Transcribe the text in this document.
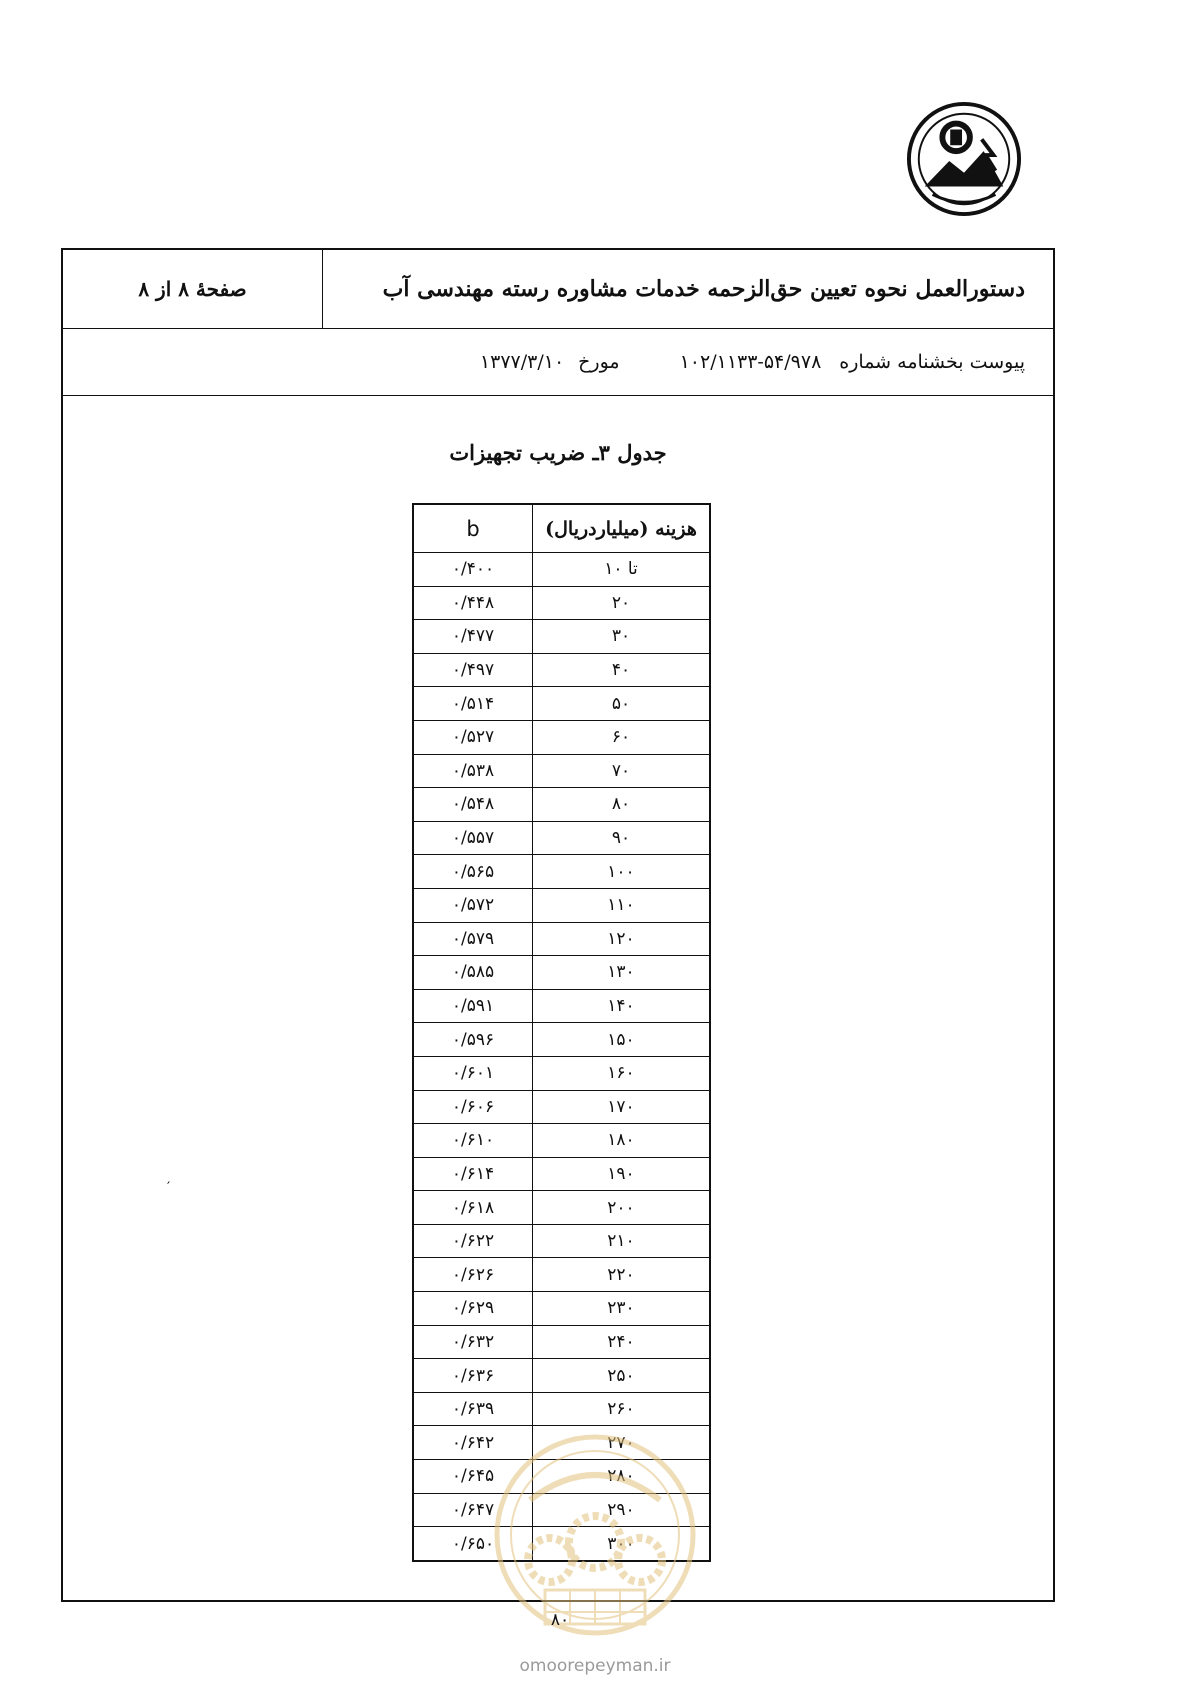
دستورالعمل نحوه تعیین حق‌الزحمه خدمات مشاوره رسته مهندسی آب
صفحهٔ ۸ از ۸
پیوست بخشنامه شماره
۱۰۲/۱۱۳۳-۵۴/۹۷۸
مورخ
۱۳۷۷/۳/۱۰
جدول ۳ـ ضریب تجهیزات
هزینه (میلیاردریال)	b
تا ۱۰	۰/۴۰۰
۲۰	۰/۴۴۸
۳۰	۰/۴۷۷
۴۰	۰/۴۹۷
۵۰	۰/۵۱۴
۶۰	۰/۵۲۷
۷۰	۰/۵۳۸
۸۰	۰/۵۴۸
۹۰	۰/۵۵۷
۱۰۰	۰/۵۶۵
۱۱۰	۰/۵۷۲
۱۲۰	۰/۵۷۹
۱۳۰	۰/۵۸۵
۱۴۰	۰/۵۹۱
۱۵۰	۰/۵۹۶
۱۶۰	۰/۶۰۱
۱۷۰	۰/۶۰۶
۱۸۰	۰/۶۱۰
۱۹۰	۰/۶۱۴
۲۰۰	۰/۶۱۸
۲۱۰	۰/۶۲۲
۲۲۰	۰/۶۲۶
۲۳۰	۰/۶۲۹
۲۴۰	۰/۶۳۲
۲۵۰	۰/۶۳۶
۲۶۰	۰/۶۳۹
۲۷۰	۰/۶۴۲
۲۸۰	۰/۶۴۵
۲۹۰	۰/۶۴۷
۳۰۰	۰/۶۵۰
′
۸۰
omoorepeyman.ir
